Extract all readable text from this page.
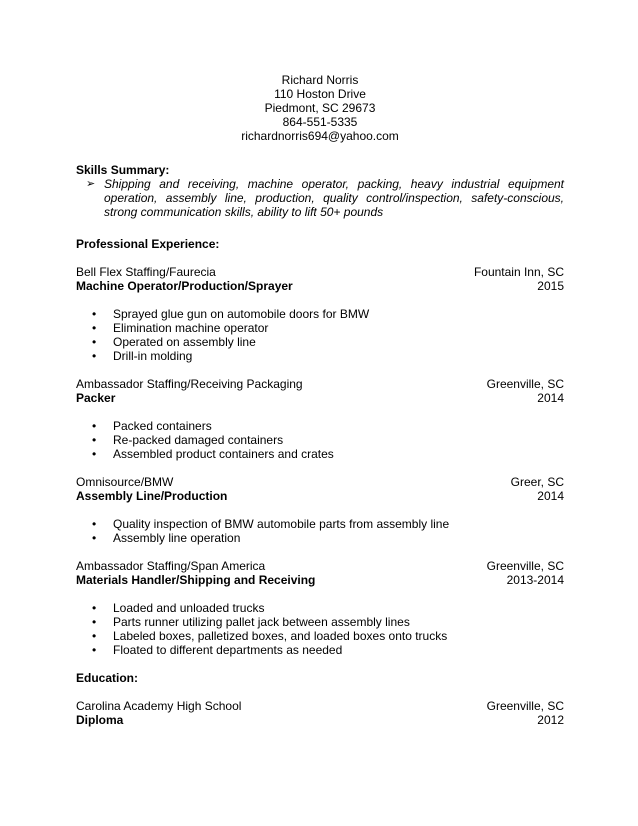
Richard Norris
110 Hoston Drive
Piedmont, SC 29673
864-551-5335
richardnorris694@yahoo.com
Skills Summary:
➢ Shipping and receiving, machine operator, packing, heavy industrial equipment operation, assembly line, production, quality control/inspection, safety-conscious, strong communication skills, ability to lift 50+ pounds
Professional Experience:
Bell Flex Staffing/Faurecia	Fountain Inn, SC
Machine Operator/Production/Sprayer	2015
• Sprayed glue gun on automobile doors for BMW
• Elimination machine operator
• Operated on assembly line
• Drill-in molding
Ambassador Staffing/Receiving Packaging	Greenville, SC
Packer	2014
• Packed containers
• Re-packed damaged containers
• Assembled product containers and crates
Omnisource/BMW	Greer, SC
Assembly Line/Production	2014
• Quality inspection of BMW automobile parts from assembly line
• Assembly line operation
Ambassador Staffing/Span America	Greenville, SC
Materials Handler/Shipping and Receiving	2013-2014
• Loaded and unloaded trucks
• Parts runner utilizing pallet jack between assembly lines
• Labeled boxes, palletized boxes, and loaded boxes onto trucks
• Floated to different departments as needed
Education:
Carolina Academy High School	Greenville, SC
Diploma	2012
